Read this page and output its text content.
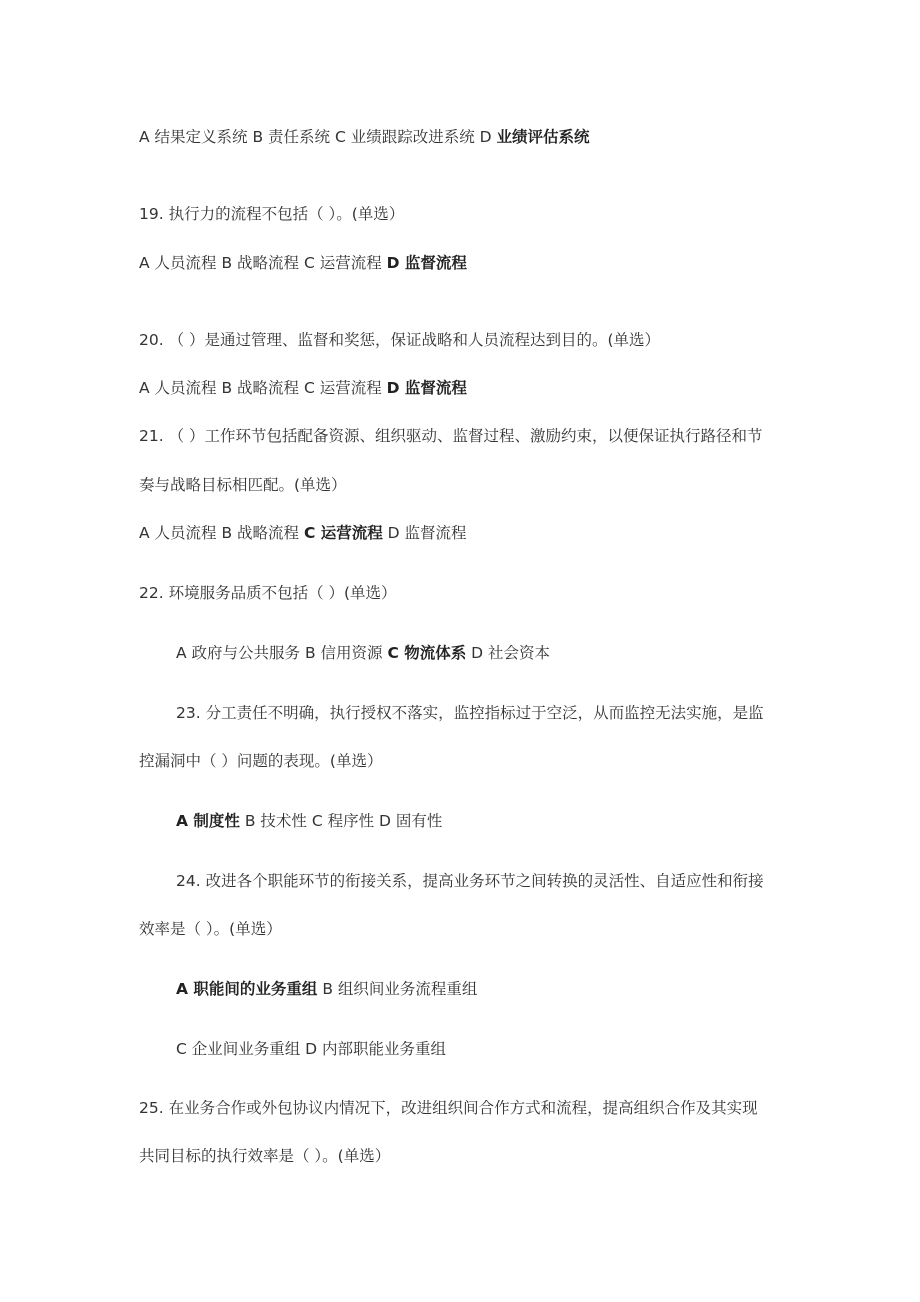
A 结果定义系统 B 责任系统 C 业绩跟踪改进系统 D 业绩评估系统
19. 执行力的流程不包括（ ）。(单选）
A 人员流程 B 战略流程 C 运营流程 D 监督流程
20. （ ）是通过管理、监督和奖惩，保证战略和人员流程达到目的。(单选）
A 人员流程 B 战略流程 C 运营流程 D 监督流程
21. （ ）工作环节包括配备资源、组织驱动、监督过程、激励约束，以便保证执行路径和节
奏与战略目标相匹配。(单选）
A 人员流程 B 战略流程 C 运营流程 D 监督流程
22. 环境服务品质不包括（ ）(单选）
A 政府与公共服务 B 信用资源 C 物流体系 D 社会资本
23. 分工责任不明确，执行授权不落实，监控指标过于空泛，从而监控无法实施，是监
控漏洞中（ ）问题的表现。(单选）
A 制度性 B 技术性 C 程序性 D 固有性
24. 改进各个职能环节的衔接关系，提高业务环节之间转换的灵活性、自适应性和衔接
效率是（ ）。(单选）
A 职能间的业务重组 B 组织间业务流程重组
C 企业间业务重组 D 内部职能业务重组
25. 在业务合作或外包协议内情况下，改进组织间合作方式和流程，提高组织合作及其实现
共同目标的执行效率是（ ）。(单选）
